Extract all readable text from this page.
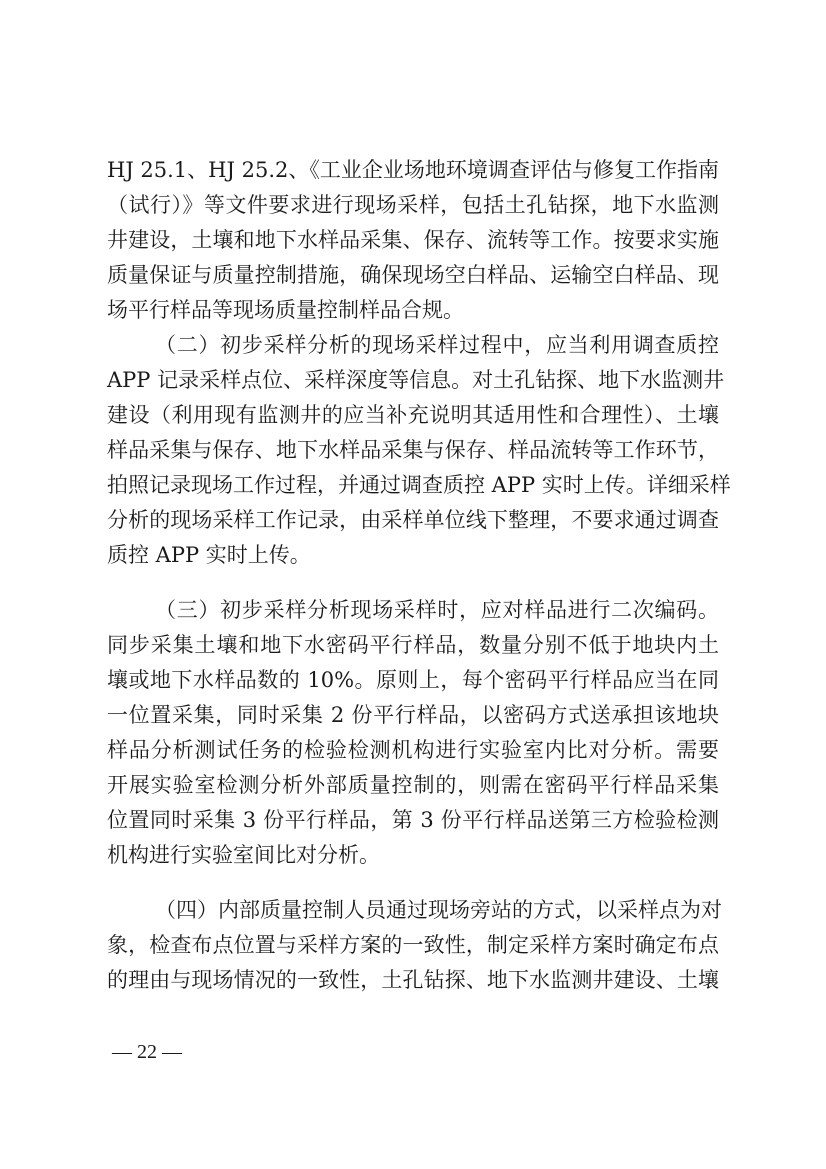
HJ 25.1、HJ 25.2、《工业企业场地环境调查评估与修复工作指南
（试行）》等文件要求进行现场采样，包括土孔钻探，地下水监测
井建设，土壤和地下水样品采集、保存、流转等工作。按要求实施
质量保证与质量控制措施，确保现场空白样品、运输空白样品、现
场平行样品等现场质量控制样品合规。
（二）初步采样分析的现场采样过程中，应当利用调查质控
APP 记录采样点位、采样深度等信息。对土孔钻探、地下水监测井
建设（利用现有监测井的应当补充说明其适用性和合理性）、土壤
样品采集与保存、地下水样品采集与保存、样品流转等工作环节，
拍照记录现场工作过程，并通过调查质控 APP 实时上传。详细采样
分析的现场采样工作记录，由采样单位线下整理，不要求通过调查
质控 APP 实时上传。
（三）初步采样分析现场采样时，应对样品进行二次编码。
同步采集土壤和地下水密码平行样品，数量分别不低于地块内土
壤或地下水样品数的 10%。原则上，每个密码平行样品应当在同
一位置采集，同时采集 2 份平行样品，以密码方式送承担该地块
样品分析测试任务的检验检测机构进行实验室内比对分析。需要
开展实验室检测分析外部质量控制的，则需在密码平行样品采集
位置同时采集 3 份平行样品，第 3 份平行样品送第三方检验检测
机构进行实验室间比对分析。
（四）内部质量控制人员通过现场旁站的方式，以采样点为对
象，检查布点位置与采样方案的一致性，制定采样方案时确定布点
的理由与现场情况的一致性，土孔钻探、地下水监测井建设、土壤
— 22 —
